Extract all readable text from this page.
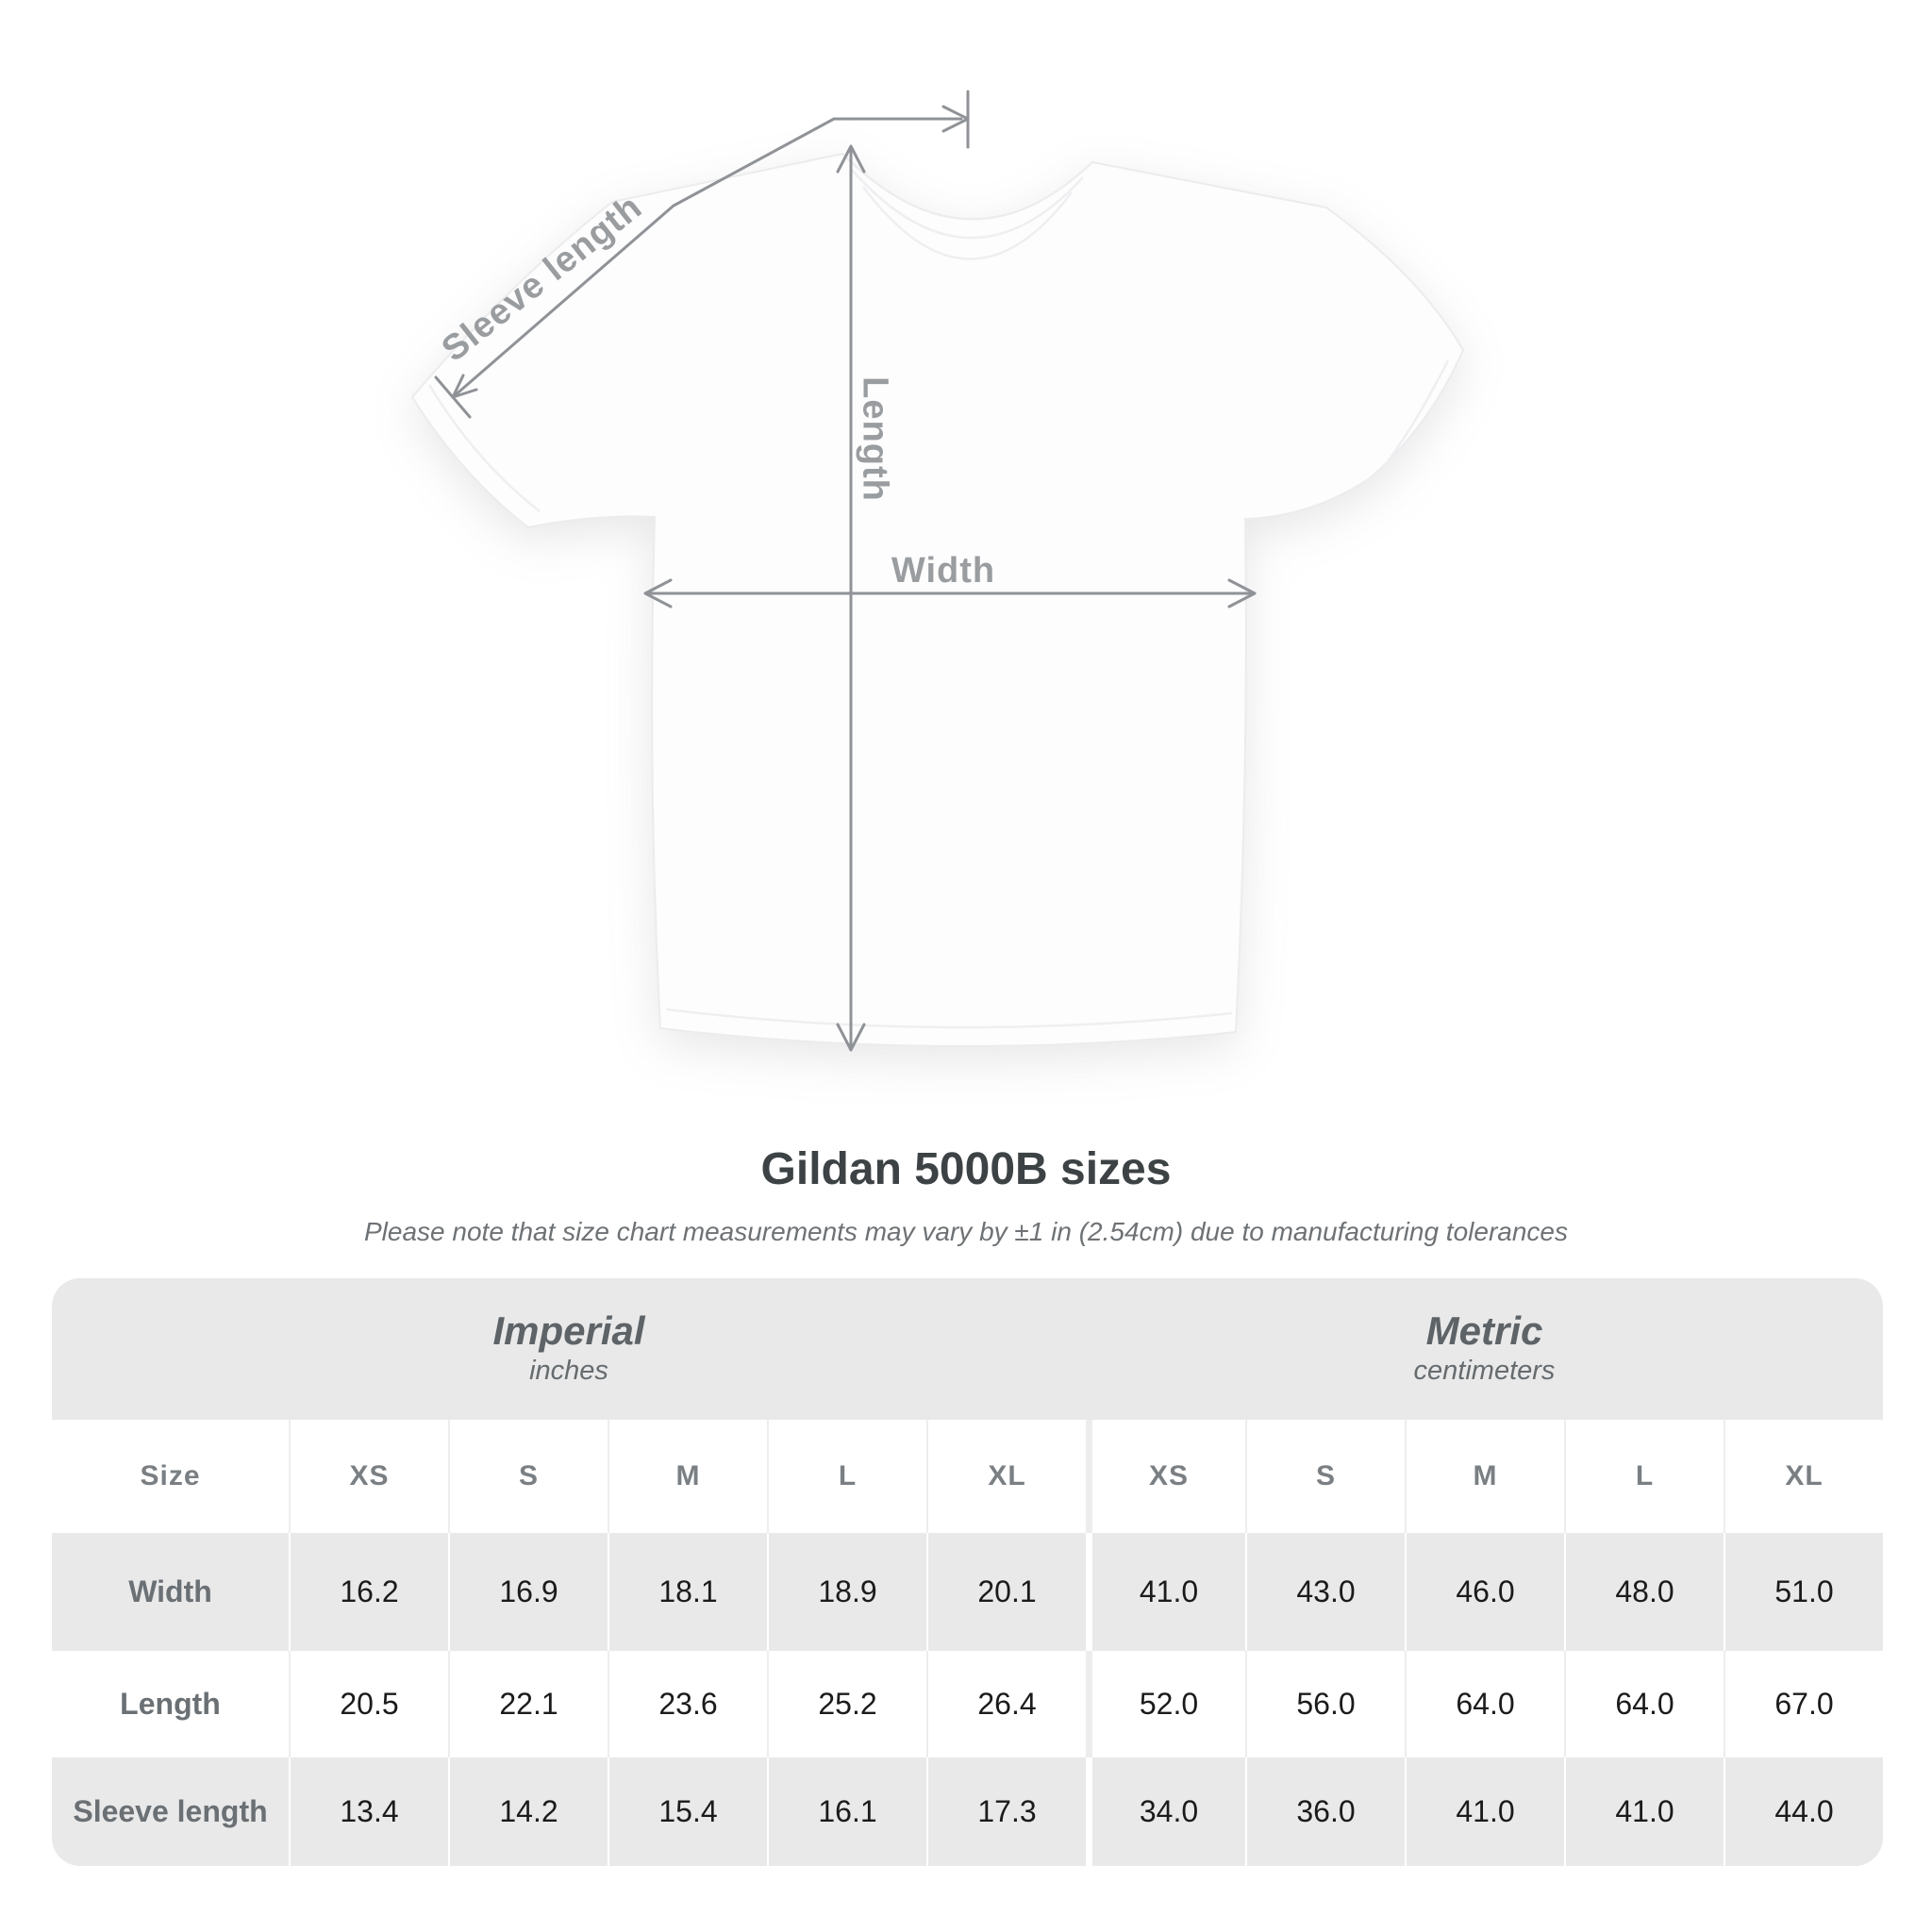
Sleeve length
Length
Width
Gildan 5000B sizes
Please note that size chart measurements may vary by ±1 in (2.54cm) due to manufacturing tolerances
Imperial
inches
Metric
centimeters
Size	XS	S	M	L	XL	XS	S	M	L	XL
Width	16.2	16.9	18.1	18.9	20.1	41.0	43.0	46.0	48.0	51.0
Length	20.5	22.1	23.6	25.2	26.4	52.0	56.0	64.0	64.0	67.0
Sleeve length	13.4	14.2	15.4	16.1	17.3	34.0	36.0	41.0	41.0	44.0
